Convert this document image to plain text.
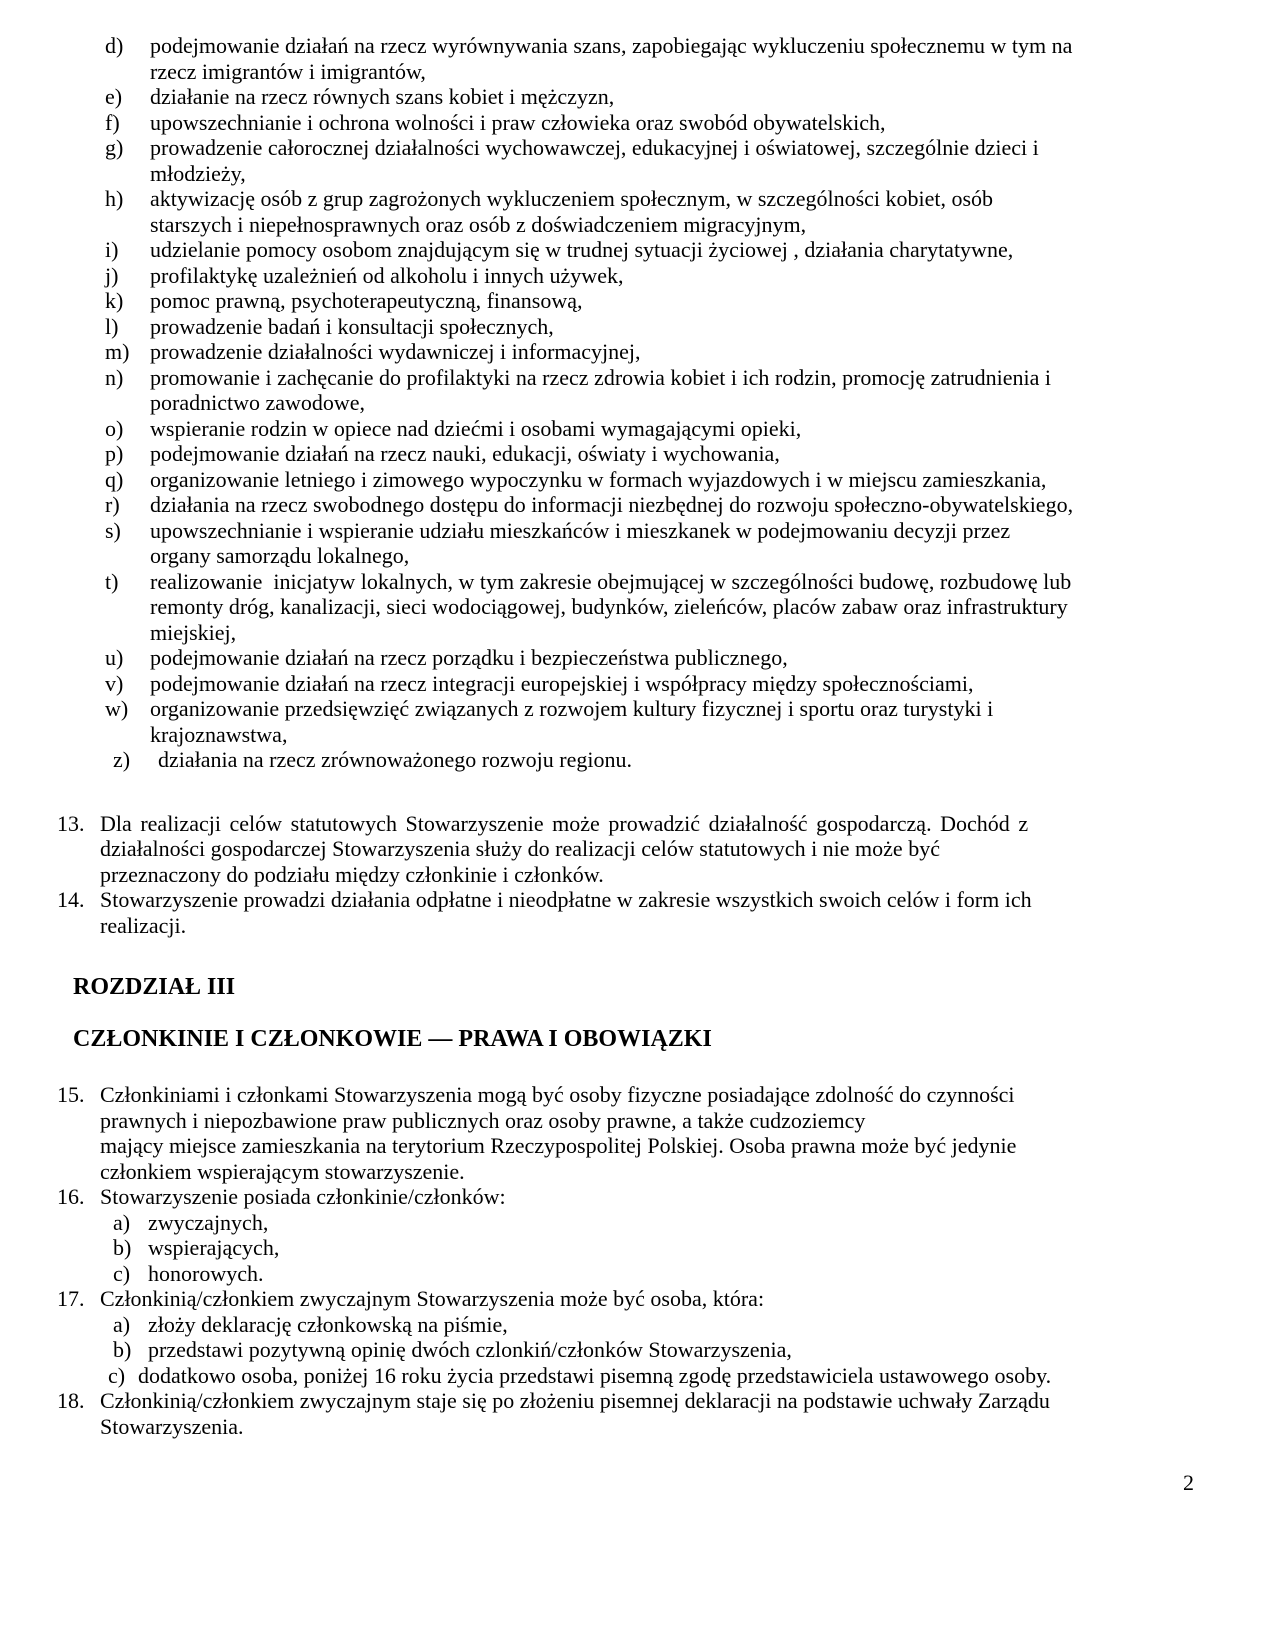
d)	podejmowanie działań na rzecz wyrównywania szans, zapobiegając wykluczeniu społecznemu w tym na
rzecz imigrantów i imigrantów,
e)	działanie na rzecz równych szans kobiet i mężczyzn,
f)	upowszechnianie i ochrona wolności i praw człowieka oraz swobód obywatelskich,
g)	prowadzenie całorocznej działalności wychowawczej, edukacyjnej i oświatowej, szczególnie dzieci i
młodzieży,
h)	aktywizację osób z grup zagrożonych wykluczeniem społecznym, w szczególności kobiet, osób
starszych i niepełnosprawnych oraz osób z doświadczeniem migracyjnym,
i)	udzielanie pomocy osobom znajdującym się w trudnej sytuacji życiowej , działania charytatywne,
j)	profilaktykę uzależnień od alkoholu i innych używek,
k)	pomoc prawną, psychoterapeutyczną, finansową,
l)	prowadzenie badań i konsultacji społecznych,
m) prowadzenie działalności wydawniczej i informacyjnej,
n)	promowanie i zachęcanie do profilaktyki na rzecz zdrowia kobiet i ich rodzin, promocję zatrudnienia i
poradnictwo zawodowe,
o)	wspieranie rodzin w opiece nad dziećmi i osobami wymagającymi opieki,
p)	podejmowanie działań na rzecz nauki, edukacji, oświaty i wychowania,
q)	organizowanie letniego i zimowego wypoczynku w formach wyjazdowych i w miejscu zamieszkania,
r)	działania na rzecz swobodnego dostępu do informacji niezbędnej do rozwoju społeczno-obywatelskiego,
s)	upowszechnianie i wspieranie udziału mieszkańców i mieszkanek w podejmowaniu decyzji przez
organy samorządu lokalnego,
t)	realizowanie  inicjatyw lokalnych, w tym zakresie obejmującej w szczególności budowę, rozbudowę lub
remonty dróg, kanalizacji, sieci wodociągowej, budynków, zieleńców, placów zabaw oraz infrastruktury
miejskiej,
u)	podejmowanie działań na rzecz porządku i bezpieczeństwa publicznego,
v)	podejmowanie działań na rzecz integracji europejskiej i współpracy między społecznościami,
w) organizowanie przedsięwzięć związanych z rozwojem kultury fizycznej i sportu oraz turystyki i
krajoznawstwa,
z)	działania na rzecz zrównoważonego rozwoju regionu.
13. Dla realizacji celów statutowych Stowarzyszenie może prowadzić działalność gospodarczą. Dochód z
działalności gospodarczej Stowarzyszenia służy do realizacji celów statutowych i nie może być
przeznaczony do podziału między członkinie i członków.
14. Stowarzyszenie prowadzi działania odpłatne i nieodpłatne w zakresie wszystkich swoich celów i form ich
realizacji.
ROZDZIAŁ III
CZŁONKINIE I CZŁONKOWIE — PRAWA I OBOWIĄZKI
15. Członkiniami i członkami Stowarzyszenia mogą być osoby fizyczne posiadające zdolność do czynności
prawnych i niepozbawione praw publicznych oraz osoby prawne, a także cudzoziemcy
mający miejsce zamieszkania na terytorium Rzeczypospolitej Polskiej. Osoba prawna może być jedynie
członkiem wspierającym stowarzyszenie.
16. Stowarzyszenie posiada członkinie/członków:
a) zwyczajnych,
b) wspierających,
c) honorowych.
17. Członkinią/członkiem zwyczajnym Stowarzyszenia może być osoba, która:
a) złoży deklarację członkowską na piśmie,
b) przedstawi pozytywną opinię dwóch czlonkiń/członków Stowarzyszenia,
c) dodatkowo osoba, poniżej 16 roku życia przedstawi pisemną zgodę przedstawiciela ustawowego osoby.
18. Członkinią/członkiem zwyczajnym staje się po złożeniu pisemnej deklaracji na podstawie uchwały Zarządu
Stowarzyszenia.
2
